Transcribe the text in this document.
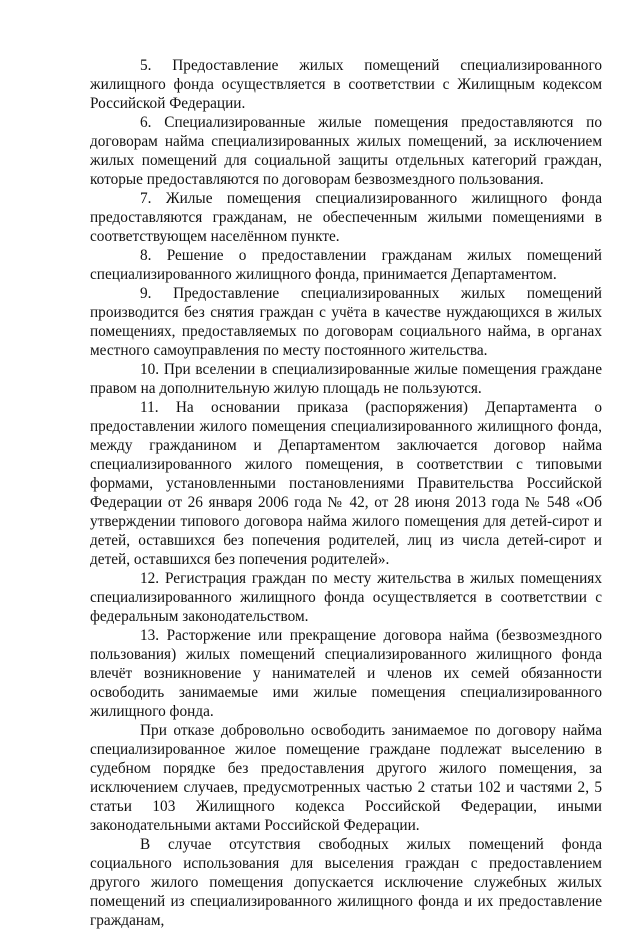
5. Предоставление жилых помещений специализированного жилищного фонда осуществляется в соответствии с Жилищным кодексом Российской Федерации.

6. Специализированные жилые помещения предоставляются по договорам найма специализированных жилых помещений, за исключением жилых помещений для социальной защиты отдельных категорий граждан, которые предоставляются по договорам безвозмездного пользования.

7. Жилые помещения специализированного жилищного фонда предоставляются гражданам, не обеспеченным жилыми помещениями в соответствующем населённом пункте.

8. Решение о предоставлении гражданам жилых помещений специализированного жилищного фонда, принимается Департаментом.

9. Предоставление специализированных жилых помещений производится без снятия граждан с учёта в качестве нуждающихся в жилых помещениях, предоставляемых по договорам социального найма, в органах местного самоуправления по месту постоянного жительства.

10. При вселении в специализированные жилые помещения граждане правом на дополнительную жилую площадь не пользуются.

11. На основании приказа (распоряжения) Департамента о предоставлении жилого помещения специализированного жилищного фонда, между гражданином и Департаментом заключается договор найма специализированного жилого помещения, в соответствии с типовыми формами, установленными постановлениями Правительства Российской Федерации от 26 января 2006 года № 42, от 28 июня 2013 года № 548 «Об утверждении типового договора найма жилого помещения для детей-сирот и детей, оставшихся без попечения родителей, лиц из числа детей-сирот и детей, оставшихся без попечения родителей».

12. Регистрация граждан по месту жительства в жилых помещениях специализированного жилищного фонда осуществляется в соответствии с федеральным законодательством.

13. Расторжение или прекращение договора найма (безвозмездного пользования) жилых помещений специализированного жилищного фонда влечёт возникновение у нанимателей и членов их семей обязанности освободить занимаемые ими жилые помещения специализированного жилищного фонда.

При отказе добровольно освободить занимаемое по договору найма специализированное жилое помещение граждане подлежат выселению в судебном порядке без предоставления другого жилого помещения, за исключением случаев, предусмотренных частью 2 статьи 102 и частями 2, 5 статьи 103 Жилищного кодекса Российской Федерации, иными законодательными актами Российской Федерации.

В случае отсутствия свободных жилых помещений фонда социального использования для выселения граждан с предоставлением другого жилого помещения допускается исключение служебных жилых помещений из специализированного жилищного фонда и их предоставление гражданам,
